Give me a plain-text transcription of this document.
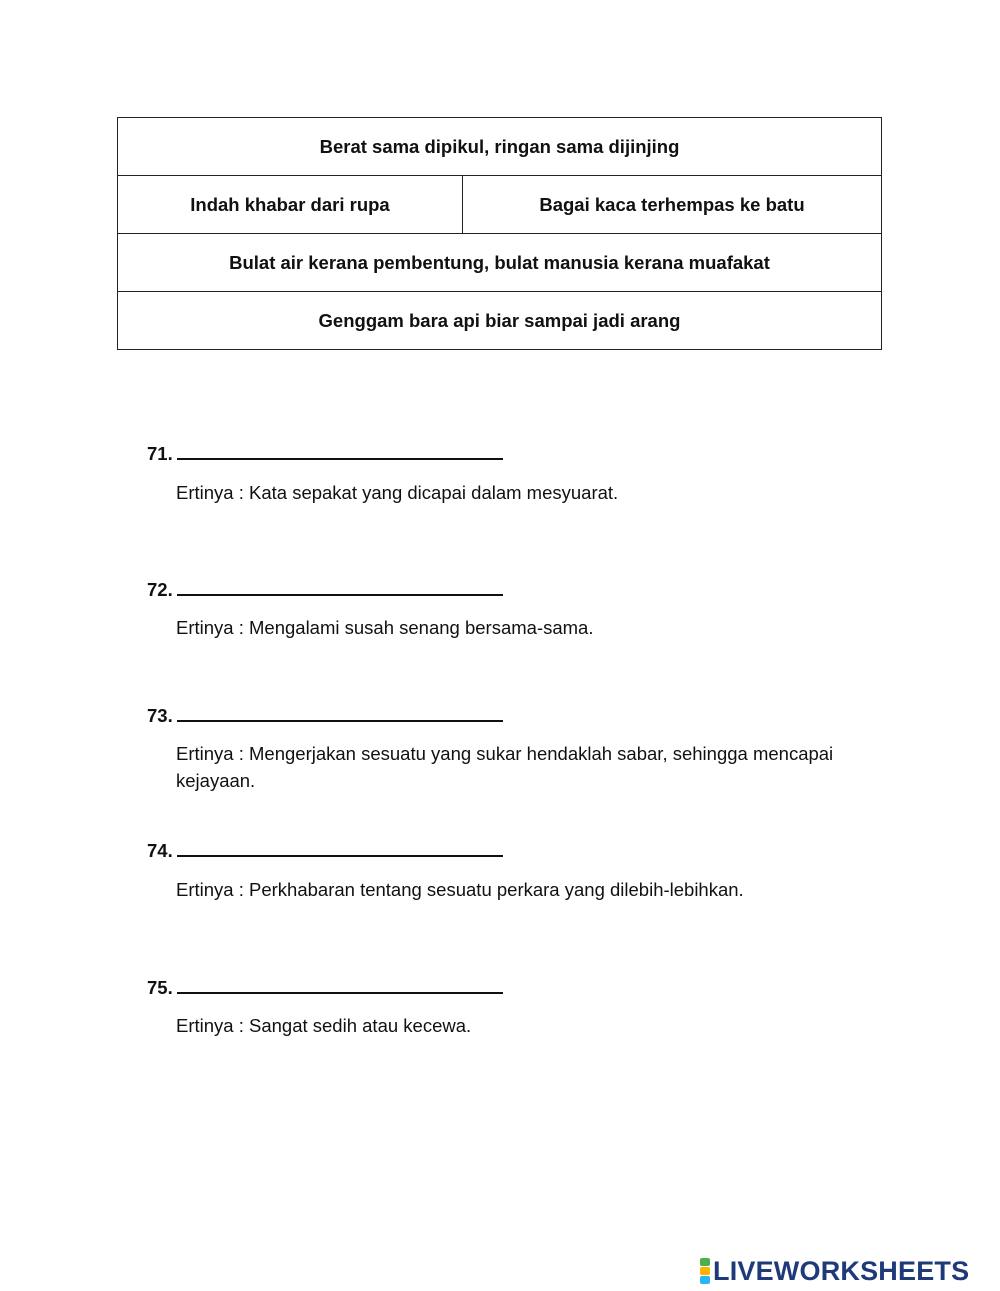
Berat sama dipikul, ringan sama dijinjing
Indah khabar dari rupa	Bagai kaca terhempas ke batu
Bulat air kerana pembentung, bulat manusia kerana muafakat
Genggam bara api biar sampai jadi arang
71.
Ertinya : Kata sepakat yang dicapai dalam mesyuarat.
72.
Ertinya : Mengalami susah senang bersama-sama.
73.
Ertinya : Mengerjakan sesuatu yang sukar hendaklah sabar, sehingga mencapai kejayaan.
74.
Ertinya : Perkhabaran tentang sesuatu perkara yang dilebih-lebihkan.
75.
Ertinya : Sangat sedih atau kecewa.
LIVEWORKSHEETS
